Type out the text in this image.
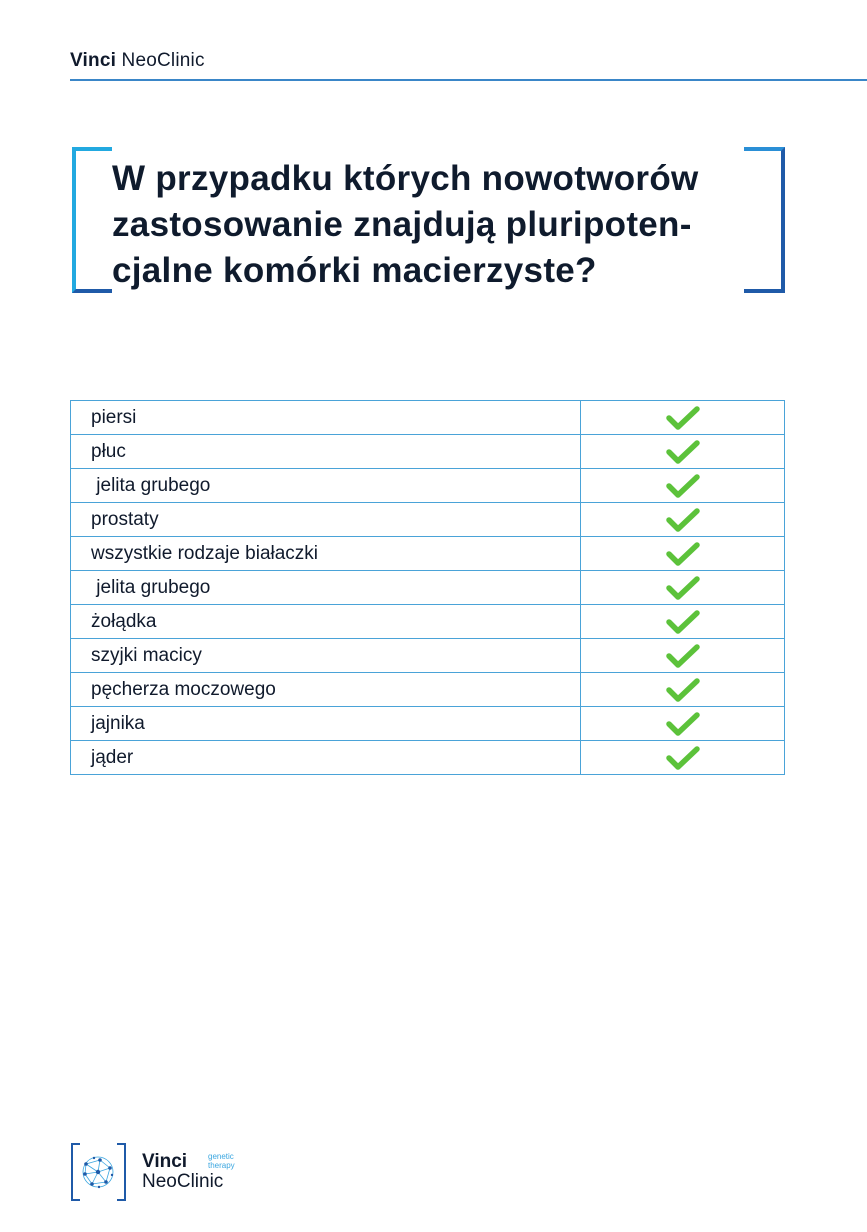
Vinci NeoClinic
W przypadku których nowotworów
zastosowanie znajdują pluripoten-
cjalne komórki macierzyste?
piersi	
płuc	
jelita grubego	
prostaty	
wszystkie rodzaje białaczki	
jelita grubego	
żołądka	
szyjki macicy	
pęcherza moczowego	
jajnika	
jąder	
Vinci
NeoClinic
genetic
therapy
